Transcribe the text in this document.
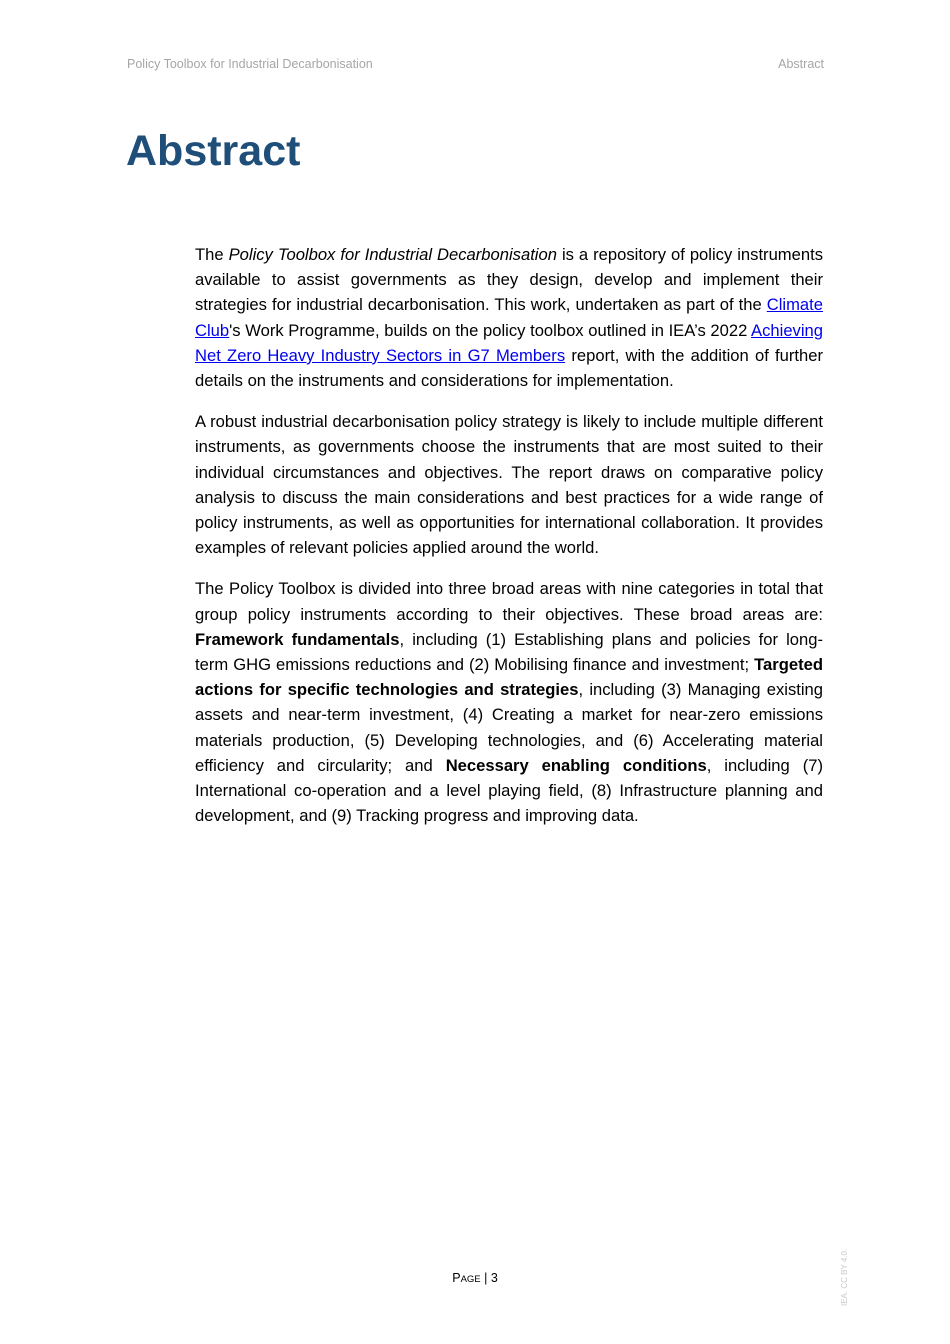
Policy Toolbox for Industrial Decarbonisation	Abstract
Abstract

The Policy Toolbox for Industrial Decarbonisation is a repository of policy instruments available to assist governments as they design, develop and implement their strategies for industrial decarbonisation. This work, undertaken as part of the Climate Club's Work Programme, builds on the policy toolbox outlined in IEA’s 2022 Achieving Net Zero Heavy Industry Sectors in G7 Members report, with the addition of further details on the instruments and considerations for implementation.

A robust industrial decarbonisation policy strategy is likely to include multiple different instruments, as governments choose the instruments that are most suited to their individual circumstances and objectives. The report draws on comparative policy analysis to discuss the main considerations and best practices for a wide range of policy instruments, as well as opportunities for international collaboration. It provides examples of relevant policies applied around the world.

The Policy Toolbox is divided into three broad areas with nine categories in total that group policy instruments according to their objectives. These broad areas are: Framework fundamentals, including (1) Establishing plans and policies for long-term GHG emissions reductions and (2) Mobilising finance and investment; Targeted actions for specific technologies and strategies, including (3) Managing existing assets and near-term investment, (4) Creating a market for near-zero emissions materials production, (5) Developing technologies, and (6) Accelerating material efficiency and circularity; and Necessary enabling conditions, including (7) International co-operation and a level playing field, (8) Infrastructure planning and development, and (9) Tracking progress and improving data.

PAGE | 3	IEA. CC BY 4.0.
